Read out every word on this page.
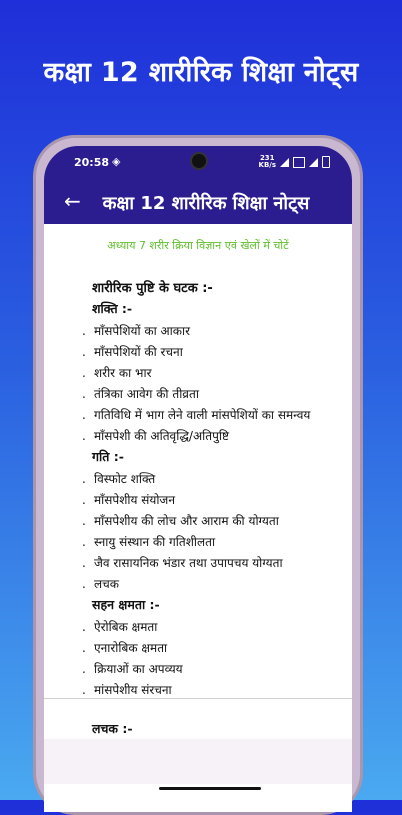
कक्षा 12 शारीरिक शिक्षा नोट्स
20:58 ◈	231
KB/s
←	कक्षा 12 शारीरिक शिक्षा नोट्स
अध्याय 7 शरीर क्रिया विज्ञान एवं खेलों में चोटें
शारीरिक पुष्टि के घटक :-
शक्ति :-
. मॉंसपेशियों का आकार
. मॉंसपेशियों की रचना
. शरीर का भार
. तंत्रिका आवेग की तीव्रता
. गतिविधि में भाग लेने वाली मांसपेशियों का समन्वय
. मॉंसपेशी की अतिवृद्धि/अतिपुष्टि
गति :-
. विस्फोट शक्ति
. मॉंसपेशीय संयोजन
. मॉंसपेशीय की लोच और आराम की योग्यता
. स्नायु संस्थान की गतिशीलता
. जैव रासायनिक भंडार तथा उपापचय योग्यता
. लचक
सहन क्षमता :-
. ऐरोबिक क्षमता
. एनारोबिक क्षमता
. क्रियाओं का अपव्यय
. मांसपेशीय संरचना
लचक :-
